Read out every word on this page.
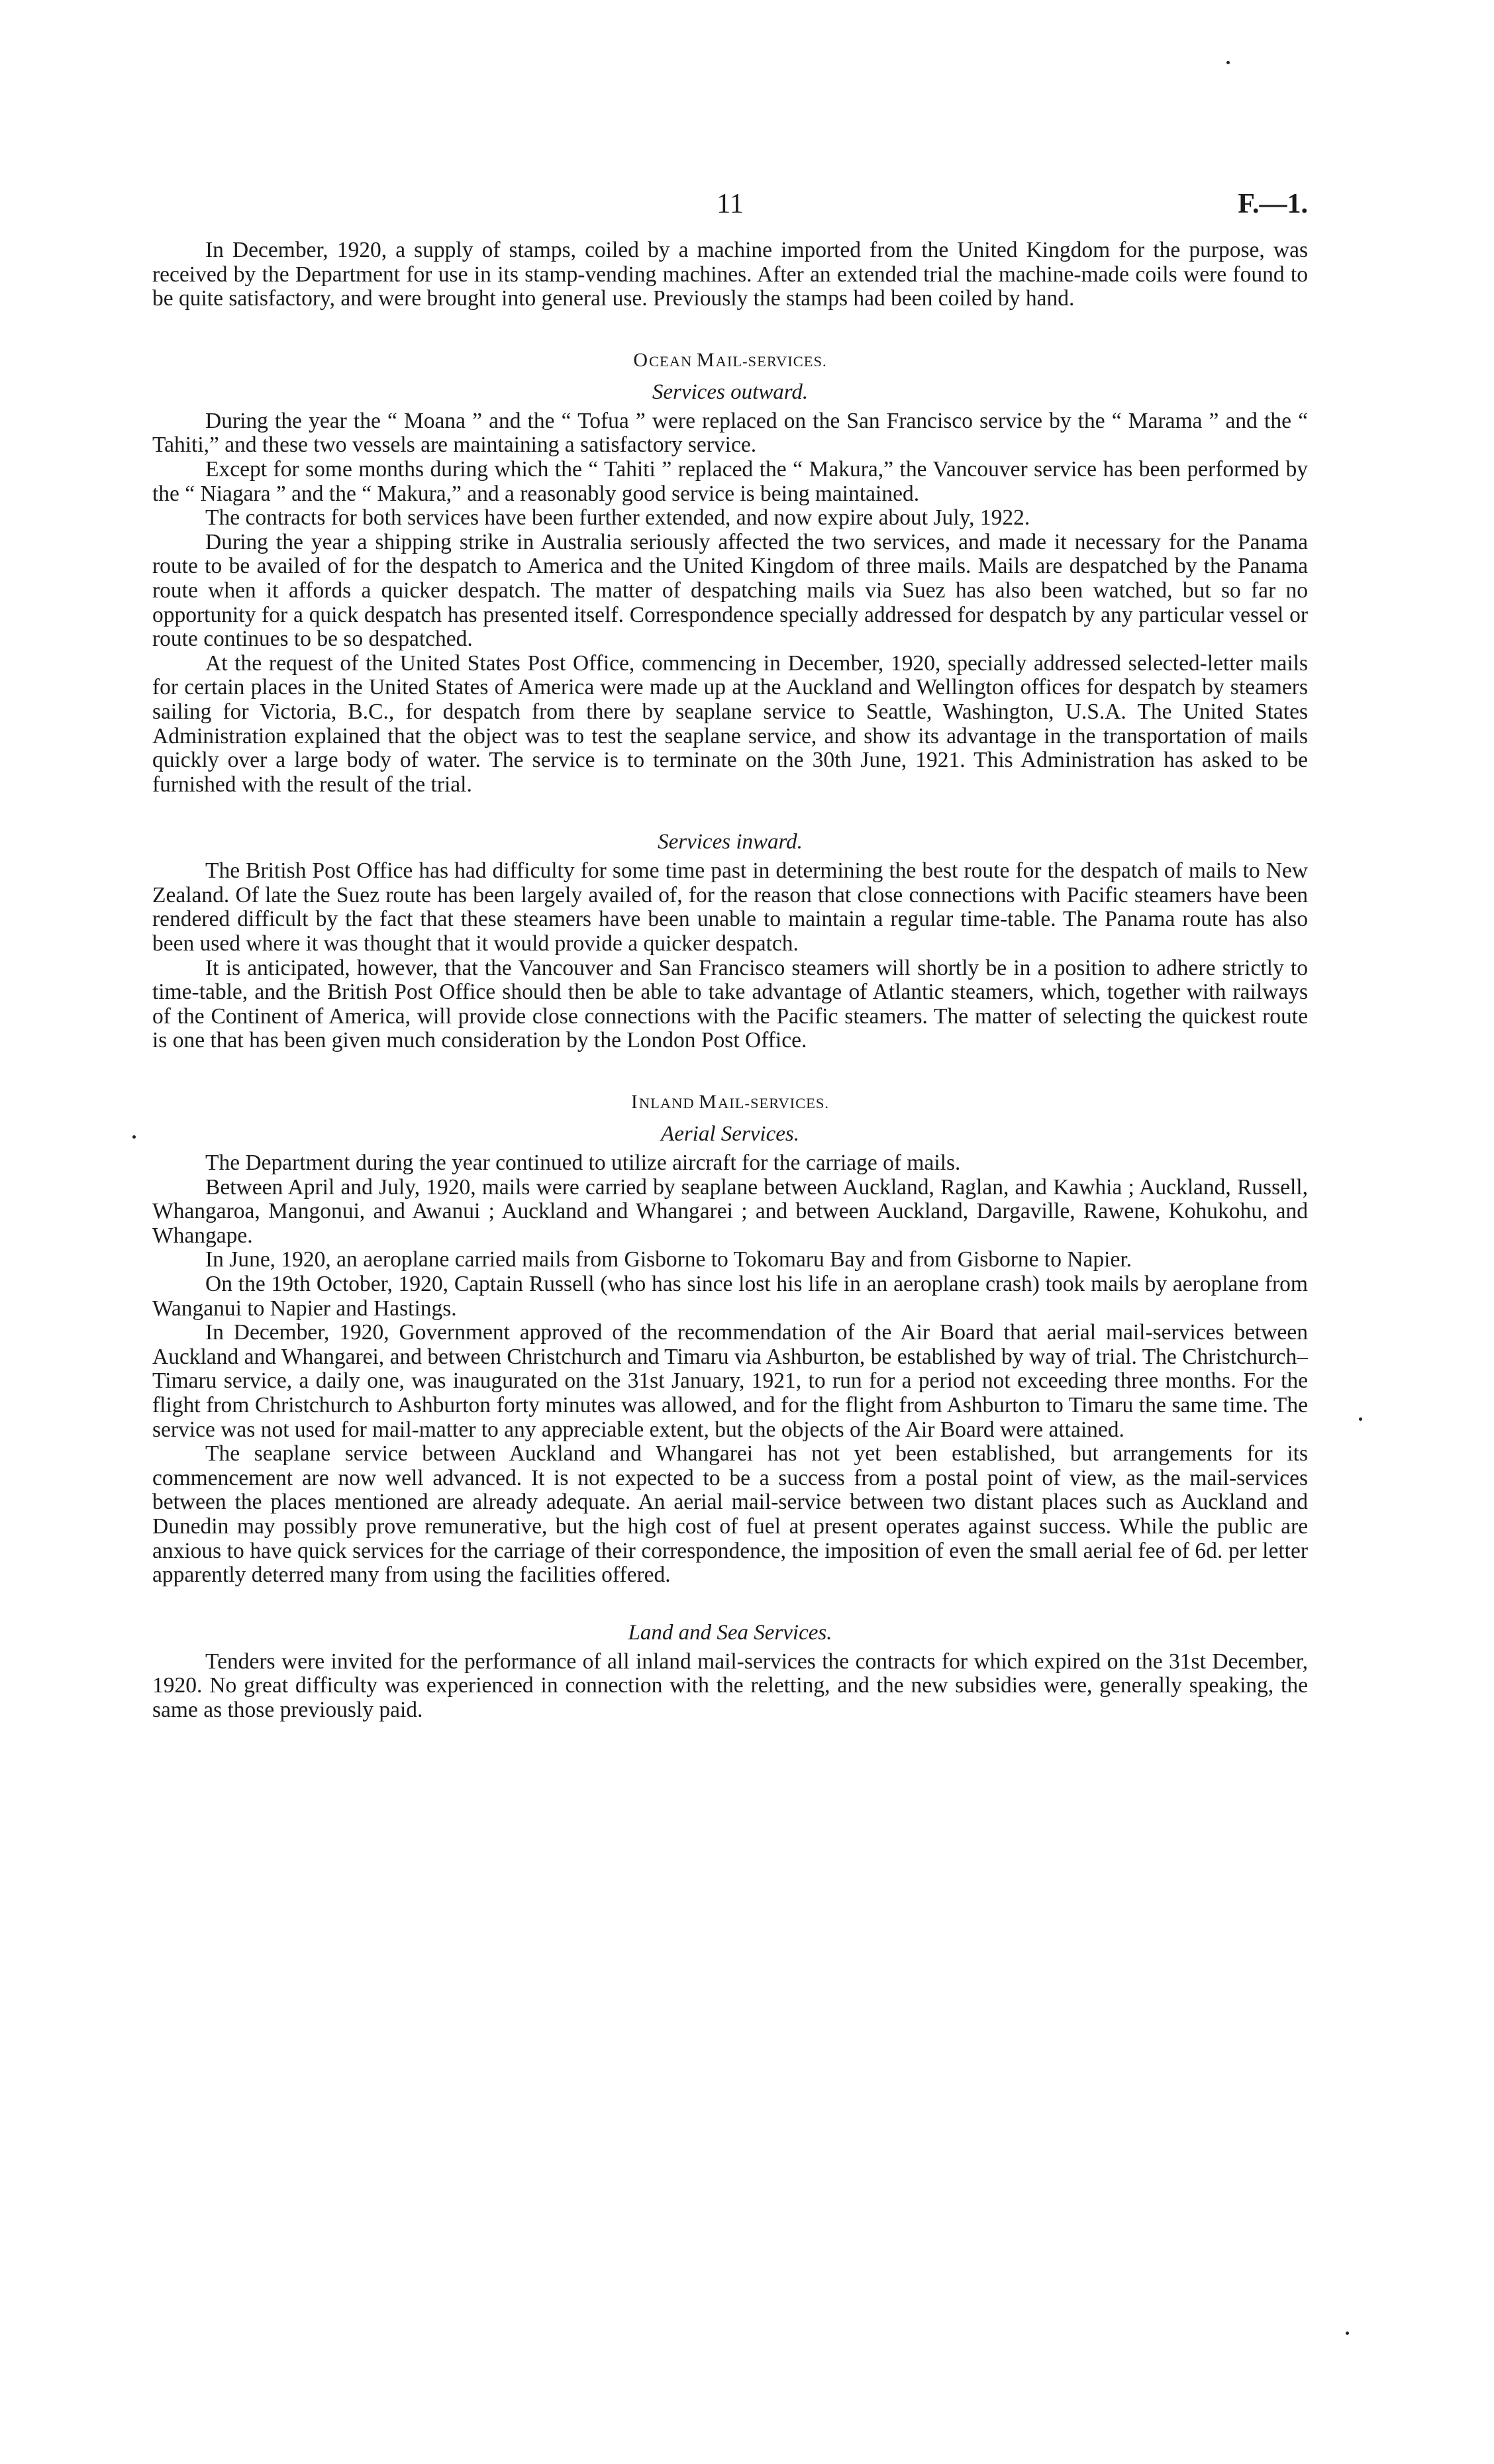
11	F.—1.

In December, 1920, a supply of stamps, coiled by a machine imported from the United Kingdom for the purpose, was received by the Department for use in its stamp-vending machines. After an extended trial the machine-made coils were found to be quite satisfactory, and were brought into general use. Previously the stamps had been coiled by hand.

OCEAN MAIL-SERVICES.
Services outward.

During the year the “ Moana ” and the “ Tofua ” were replaced on the San Francisco service by the “ Marama ” and the “ Tahiti,” and these two vessels are maintaining a satisfactory service.

Except for some months during which the “ Tahiti ” replaced the “ Makura,” the Vancouver service has been performed by the “ Niagara ” and the “ Makura,” and a reasonably good service is being maintained.

The contracts for both services have been further extended, and now expire about July, 1922.

During the year a shipping strike in Australia seriously affected the two services, and made it necessary for the Panama route to be availed of for the despatch to America and the United Kingdom of three mails. Mails are despatched by the Panama route when it affords a quicker despatch. The matter of despatching mails via Suez has also been watched, but so far no opportunity for a quick despatch has presented itself. Correspondence specially addressed for despatch by any particular vessel or route continues to be so despatched.

At the request of the United States Post Office, commencing in December, 1920, specially addressed selected-letter mails for certain places in the United States of America were made up at the Auckland and Wellington offices for despatch by steamers sailing for Victoria, B.C., for despatch from there by seaplane service to Seattle, Washington, U.S.A. The United States Administration explained that the object was to test the seaplane service, and show its advantage in the transportation of mails quickly over a large body of water. The service is to terminate on the 30th June, 1921. This Administration has asked to be furnished with the result of the trial.

Services inward.

The British Post Office has had difficulty for some time past in determining the best route for the despatch of mails to New Zealand. Of late the Suez route has been largely availed of, for the reason that close connections with Pacific steamers have been rendered difficult by the fact that these steamers have been unable to maintain a regular time-table. The Panama route has also been used where it was thought that it would provide a quicker despatch.

It is anticipated, however, that the Vancouver and San Francisco steamers will shortly be in a position to adhere strictly to time-table, and the British Post Office should then be able to take advantage of Atlantic steamers, which, together with railways of the Continent of America, will provide close connections with the Pacific steamers. The matter of selecting the quickest route is one that has been given much consideration by the London Post Office.

INLAND MAIL-SERVICES.
Aerial Services.

The Department during the year continued to utilize aircraft for the carriage of mails.

Between April and July, 1920, mails were carried by seaplane between Auckland, Raglan, and Kawhia ; Auckland, Russell, Whangaroa, Mangonui, and Awanui ; Auckland and Whangarei ; and between Auckland, Dargaville, Rawene, Kohukohu, and Whangape.

In June, 1920, an aeroplane carried mails from Gisborne to Tokomaru Bay and from Gisborne to Napier.

On the 19th October, 1920, Captain Russell (who has since lost his life in an aeroplane crash) took mails by aeroplane from Wanganui to Napier and Hastings.

In December, 1920, Government approved of the recommendation of the Air Board that aerial mail-services between Auckland and Whangarei, and between Christchurch and Timaru via Ashburton, be established by way of trial. The Christchurch–Timaru service, a daily one, was inaugurated on the 31st January, 1921, to run for a period not exceeding three months. For the flight from Christchurch to Ashburton forty minutes was allowed, and for the flight from Ashburton to Timaru the same time. The service was not used for mail-matter to any appreciable extent, but the objects of the Air Board were attained.

The seaplane service between Auckland and Whangarei has not yet been established, but arrangements for its commencement are now well advanced. It is not expected to be a success from a postal point of view, as the mail-services between the places mentioned are already adequate. An aerial mail-service between two distant places such as Auckland and Dunedin may possibly prove remunerative, but the high cost of fuel at present operates against success. While the public are anxious to have quick services for the carriage of their correspondence, the imposition of even the small aerial fee of 6d. per letter apparently deterred many from using the facilities offered.

Land and Sea Services.

Tenders were invited for the performance of all inland mail-services the contracts for which expired on the 31st December, 1920. No great difficulty was experienced in connection with the reletting, and the new subsidies were, generally speaking, the same as those previously paid.
